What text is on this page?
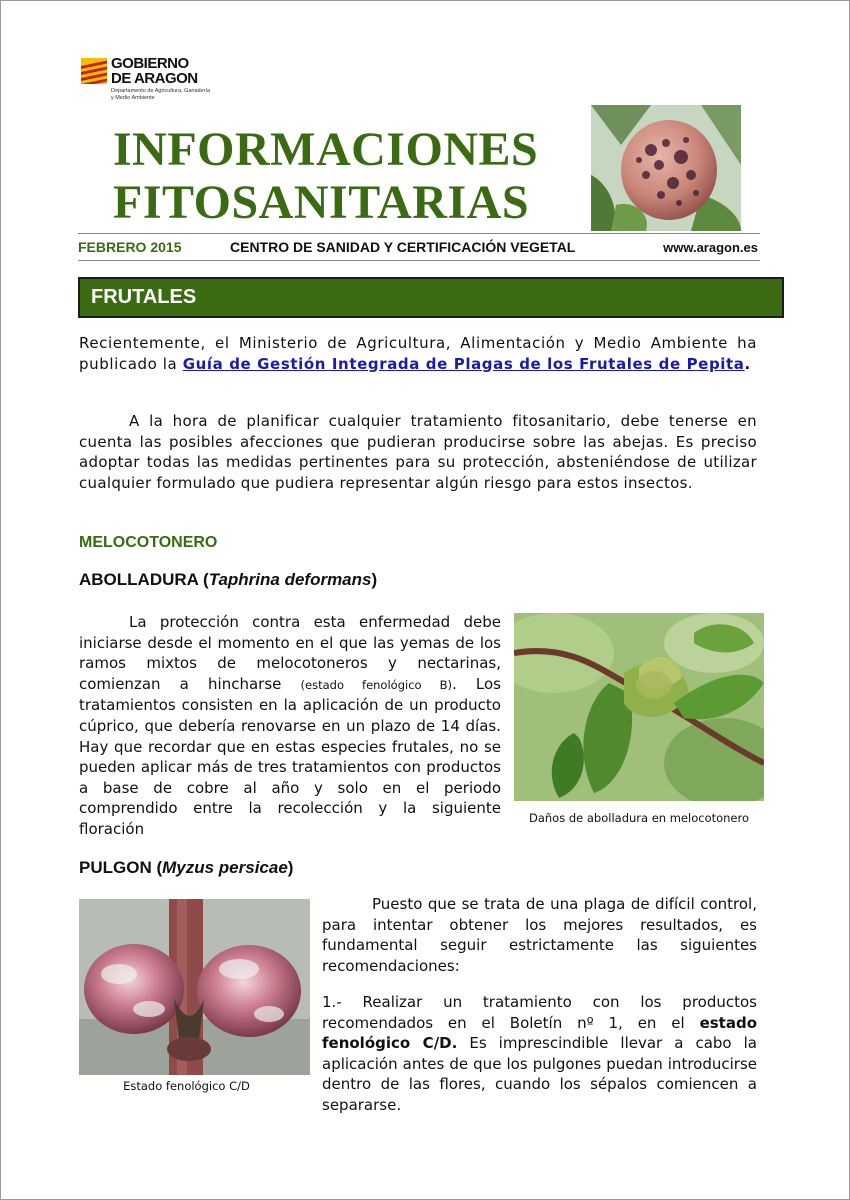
GOBIERNO
DE ARAGON
Departamento de Agricultura, Ganadería y Medio Ambiente
INFORMACIONES
FITOSANITARIAS
FEBRERO 2015	CENTRO DE SANIDAD Y CERTIFICACIÓN VEGETAL	www.aragon.es
FRUTALES
Recientemente, el Ministerio de Agricultura, Alimentación y Medio Ambiente ha publicado la Guía de Gestión Integrada de Plagas de los Frutales de Pepita.
A la hora de planificar cualquier tratamiento fitosanitario, debe tenerse en cuenta las posibles afecciones que pudieran producirse sobre las abejas. Es preciso adoptar todas las medidas pertinentes para su protección, absteniéndose de utilizar cualquier formulado que pudiera representar algún riesgo para estos insectos.
MELOCOTONERO
ABOLLADURA (Taphrina deformans)
La protección contra esta enfermedad debe iniciarse desde el momento en el que las yemas de los ramos mixtos de melocotoneros y nectarinas, comienzan a hincharse (estado fenológico B). Los tratamientos consisten en la aplicación de un producto cúprico, que debería renovarse en un plazo de 14 días. Hay que recordar que en estas especies frutales, no se pueden aplicar más de tres tratamientos con productos a base de cobre al año y solo en el periodo comprendido entre la recolección y la siguiente floración
Daños de abolladura en melocotonero
PULGON (Myzus persicae)
Estado fenológico C/D
Puesto que se trata de una plaga de difícil control, para intentar obtener los mejores resultados, es fundamental seguir estrictamente las siguientes recomendaciones:
1.- Realizar un tratamiento con los productos recomendados en el Boletín nº 1, en el estado fenológico C/D. Es imprescindible llevar a cabo la aplicación antes de que los pulgones puedan introducirse dentro de las flores, cuando los sépalos comiencen a separarse.
